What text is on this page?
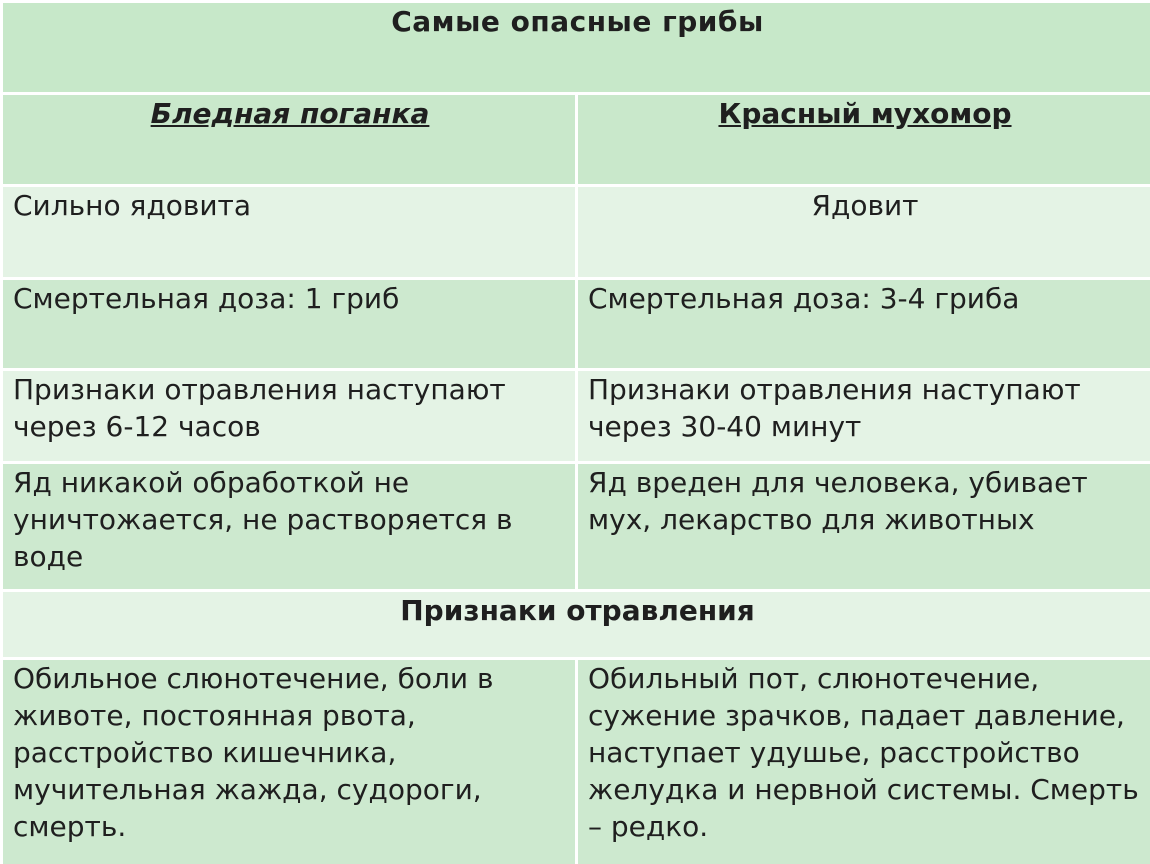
Самые опасные грибы	
Бледная поганка	Красный мухомор
Сильно ядовита	Ядовит
Смертельная доза: 1 гриб	Смертельная доза: 3-4 гриба
Признаки отравления наступают через 6-12 часов	Признаки отравления наступают через 30-40 минут
Яд никакой обработкой не уничтожается, не растворяется в воде	Яд вреден для человека, убивает мух, лекарство для животных
Признаки отравления	
Обильное слюнотечение, боли в животе, постоянная рвота, расстройство кишечника, мучительная жажда, судороги, смерть.	Обильный пот, слюнотечение, сужение зрачков, падает давление, наступает удушье, расстройство желудка и нервной системы. Смерть – редко.
